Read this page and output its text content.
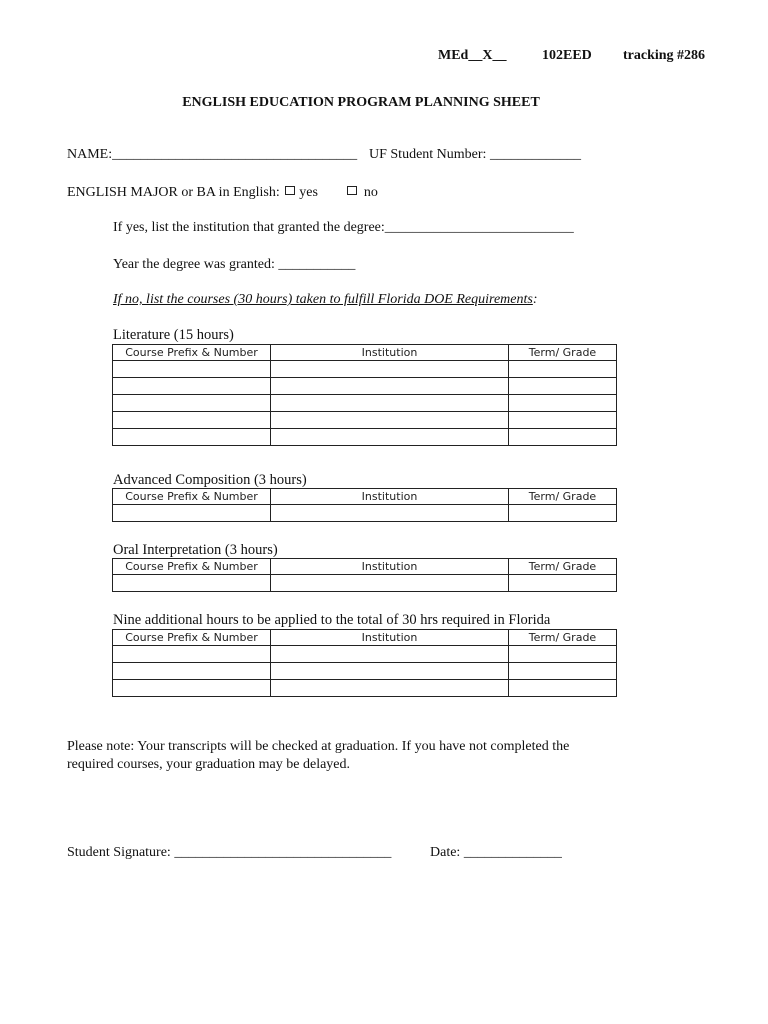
MEd__X__	102EED tracking #286
ENGLISH EDUCATION PROGRAM PLANNING SHEET
NAME:___________________________________ UF Student Number: _____________
ENGLISH MAJOR or BA in English: yes	no
If yes, list the institution that granted the degree:___________________________
Year the degree was granted: ___________
If no, list the courses (30 hours) taken to fulfill Florida DOE Requirements:
Literature (15 hours)
Course Prefix & Number	Institution	Term/ Grade

Advanced Composition (3 hours)
Course Prefix & Number	Institution	Term/ Grade

Oral Interpretation (3 hours)
Course Prefix & Number	Institution	Term/ Grade

Nine additional hours to be applied to the total of 30 hrs required in Florida
Course Prefix & Number	Institution	Term/ Grade

Please note: Your transcripts will be checked at graduation. If you have not completed the
required courses, your graduation may be delayed.
Student Signature: _______________________________	Date: ______________
